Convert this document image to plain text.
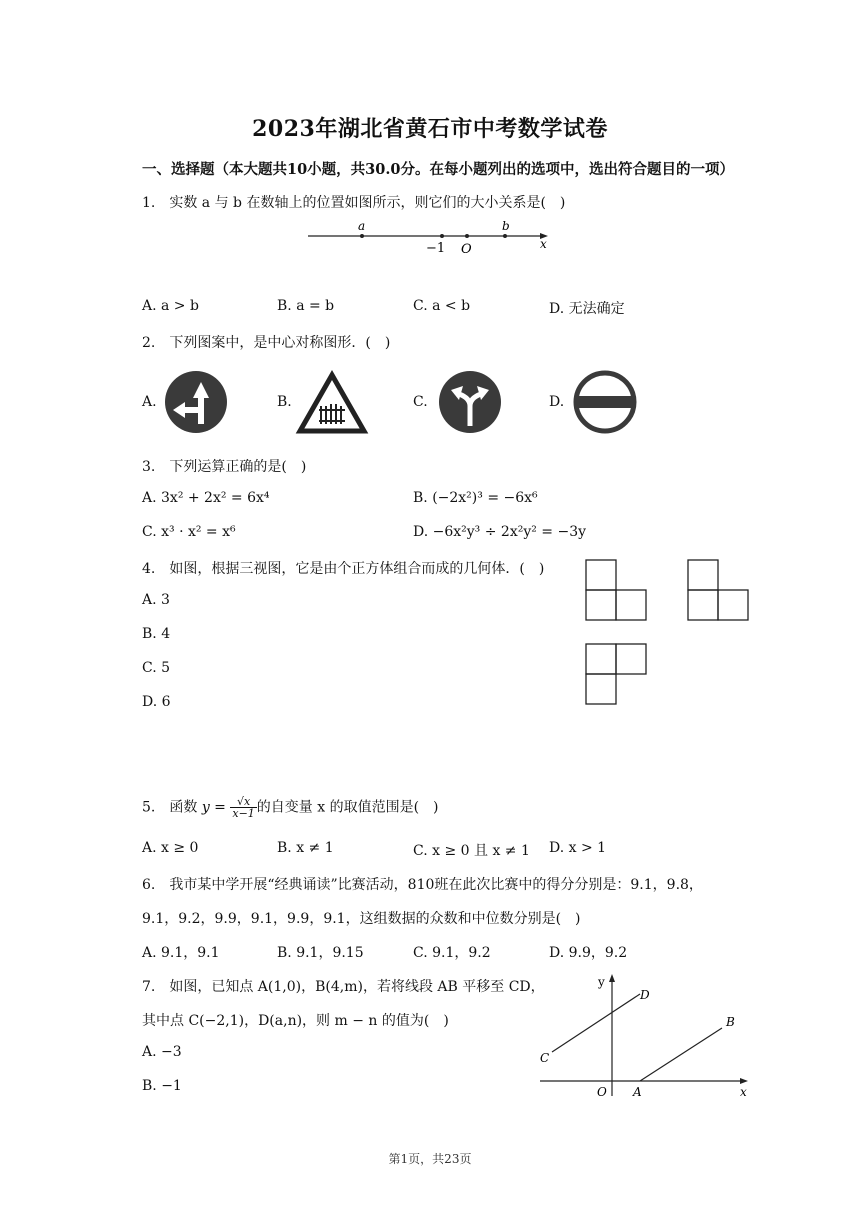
2023年湖北省黄石市中考数学试卷
一、选择题（本大题共10小题，共30.0分。在每小题列出的选项中，选出符合题目的一项）
1.　实数 a 与 b 在数轴上的位置如图所示，则它们的大小关系是(　)
a
−1 O
b
x
A. a > b	B. a = b	C. a < b	D. 无法确定
2.　下列图案中，是中心对称图形．(　)
A.	B.	C.	D.
3.　下列运算正确的是(　)
A. 3x² + 2x² = 6x⁴	B. (−2x²)³ = −6x⁶
C. x³ · x² = x⁶	D. −6x²y³ ÷ 2x²y² = −3y
4.　如图，根据三视图，它是由个正方体组合而成的几何体．(　)
A. 3
B. 4
C. 5
D. 6
5.　函数 $y = \frac{√x}{x-1}$ 的自变量 x 的取值范围是(　)
A. x ≥ 0	B. x ≠ 1	C. x ≥ 0 且 x ≠ 1 D. x > 1
6.　我市某中学开展“经典诵读”比赛活动，810班在此次比赛中的得分分别是：9.1，9.8，
9.1，9.2，9.9，9.1，9.9，9.1，这组数据的众数和中位数分别是(　)
A. 9.1，9.1	B. 9.1，9.15	C. 9.1，9.2	D. 9.9，9.2
7.　如图，已知点 A(1,0)，B(4,m)，若将线段 AB 平移至 CD，
其中点 C(−2,1)，D(a,n)，则 m − n 的值为(　)
A. −3
B. −1
y
x
O A
B
C
D
第1页，共23页
